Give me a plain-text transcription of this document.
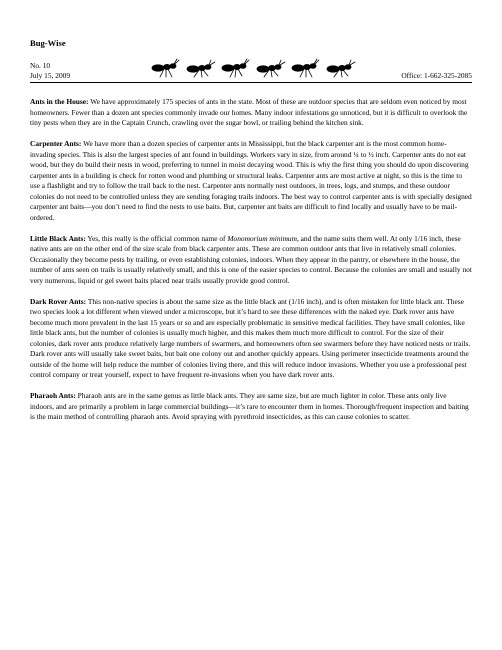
Bug-Wise
No. 10
July 15, 2009	Office: 1-662-325-2085

Ants in the House: We have approximately 175 species of ants in the state. Most of these are outdoor species that are seldom even noticed by most homeowners. Fewer than a dozen ant species commonly invade our homes. Many indoor infestations go unnoticed, but it is difficult to overlook the tiny pests when they are in the Captain Crunch, crawling over the sugar bowl, or trailing behind the kitchen sink.

Carpenter Ants: We have more than a dozen species of carpenter ants in Mississippi, but the black carpenter ant is the most common home-invading species. This is also the largest species of ant found in buildings. Workers vary in size, from around ¼ to ½ inch. Carpenter ants do not eat wood, but they do build their nests in wood, preferring to tunnel in moist decaying wood. This is why the first thing you should do upon discovering carpenter ants in a building is check for rotten wood and plumbing or structural leaks. Carpenter ants are most active at night, so this is the time to use a flashlight and try to follow the trail back to the nest. Carpenter ants normally nest outdoors, in trees, logs, and stumps, and these outdoor colonies do not need to be controlled unless they are sending foraging trails indoors. The best way to control carpenter ants is with specially designed carpenter ant baits—you don’t need to find the nests to use baits. But, carpenter ant baits are difficult to find locally and usually have to be mail-ordered.

Little Black Ants: Yes, this really is the official common name of Monomorium minimum, and the name suits them well. At only 1/16 inch, these native ants are on the other end of the size scale from black carpenter ants. These are common outdoor ants that live in relatively small colonies. Occasionally they become pests by trailing, or even establishing colonies, indoors. When they appear in the pantry, or elsewhere in the house, the number of ants seen on trails is usually relatively small, and this is one of the easier species to control. Because the colonies are small and usually not very numerous, liquid or gel sweet baits placed near trails usually provide good control.

Dark Rover Ants: This non-native species is about the same size as the little black ant (1/16 inch), and is often mistaken for little black ant. These two species look a lot different when viewed under a microscope, but it’s hard to see these differences with the naked eye. Dark rover ants have become much more prevalent in the last 15 years or so and are especially problematic in sensitive medical facilities. They have small colonies, like little black ants, but the number of colonies is usually much higher, and this makes them much more difficult to control. For the size of their colonies, dark rover ants produce relatively large numbers of swarmers, and homeowners often see swarmers before they have noticed nests or trails. Dark rover ants will usually take sweet baits, but bait one colony out and another quickly appears. Using perimeter insecticide treatments around the outside of the home will help reduce the number of colonies living there, and this will reduce indoor invasions. Whether you use a professional pest control company or treat yourself, expect to have frequent re-invasions when you have dark rover ants.

Pharaoh Ants: Pharaoh ants are in the same genus as little black ants. They are same size, but are much lighter in color. These ants only live indoors, and are primarily a problem in large commercial buildings—it’s rare to encounter them in homes. Thorough/frequent inspection and baiting is the main method of controlling pharaoh ants. Avoid spraying with pyrethroid insecticides, as this can cause colonies to scatter.
